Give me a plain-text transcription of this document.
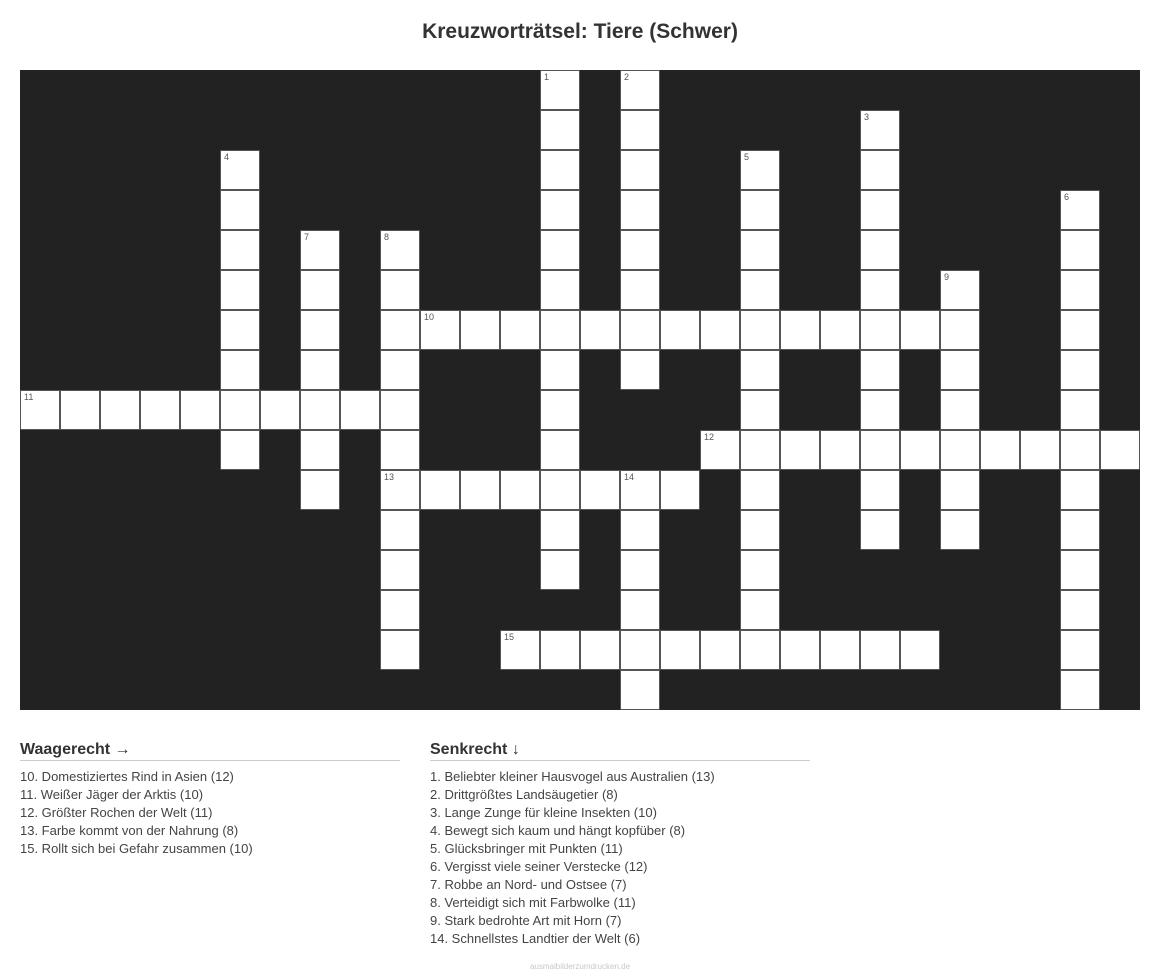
Kreuzworträtsel: Tiere (Schwer)
1	2
3
4	5
6
7	8
13
9
10
11
12
14
15
Waagerecht →
10. Domestiziertes Rind in Asien (12)
11. Weißer Jäger der Arktis (10)
12. Größter Rochen der Welt (11)
13. Farbe kommt von der Nahrung (8)
15. Rollt sich bei Gefahr zusammen (10)
Senkrecht ↓
1. Beliebter kleiner Hausvogel aus Australien (13)
2. Drittgrößtes Landsäugetier (8)
3. Lange Zunge für kleine Insekten (10)
4. Bewegt sich kaum und hängt kopfüber (8)
5. Glücksbringer mit Punkten (11)
6. Vergisst viele seiner Verstecke (12)
7. Robbe an Nord- und Ostsee (7)
8. Verteidigt sich mit Farbwolke (11)
9. Stark bedrohte Art mit Horn (7)
14. Schnellstes Landtier der Welt (6)
ausmalbilderzumdrucken.de
